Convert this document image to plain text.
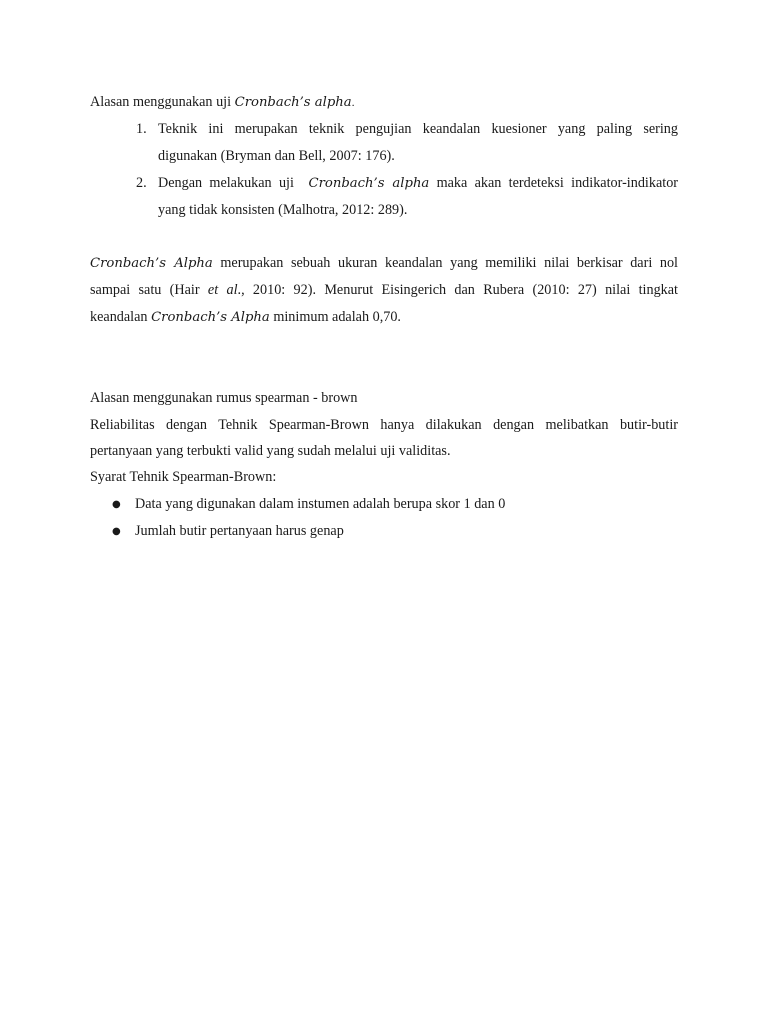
Alasan menggunakan uji Cronbach’s alpha.
1. Teknik ini merupakan teknik pengujian keandalan kuesioner yang paling sering
digunakan (Bryman dan Bell, 2007: 176).
2. Dengan melakukan uji  Cronbach’s alpha maka akan terdeteksi indikator-indikator
yang tidak konsisten (Malhotra, 2012: 289).
Cronbach’s Alpha merupakan sebuah ukuran keandalan yang memiliki nilai berkisar dari nol
sampai satu (Hair et al., 2010: 92). Menurut Eisingerich dan Rubera (2010: 27) nilai tingkat
keandalan Cronbach’s Alpha minimum adalah 0,70.
Alasan menggunakan rumus spearman - brown
Reliabilitas dengan Tehnik Spearman-Brown hanya dilakukan dengan melibatkan butir-butir
pertanyaan yang terbukti valid yang sudah melalui uji validitas.
Syarat Tehnik Spearman-Brown:
● Data yang digunakan dalam instumen adalah berupa skor 1 dan 0
● Jumlah butir pertanyaan harus genap
